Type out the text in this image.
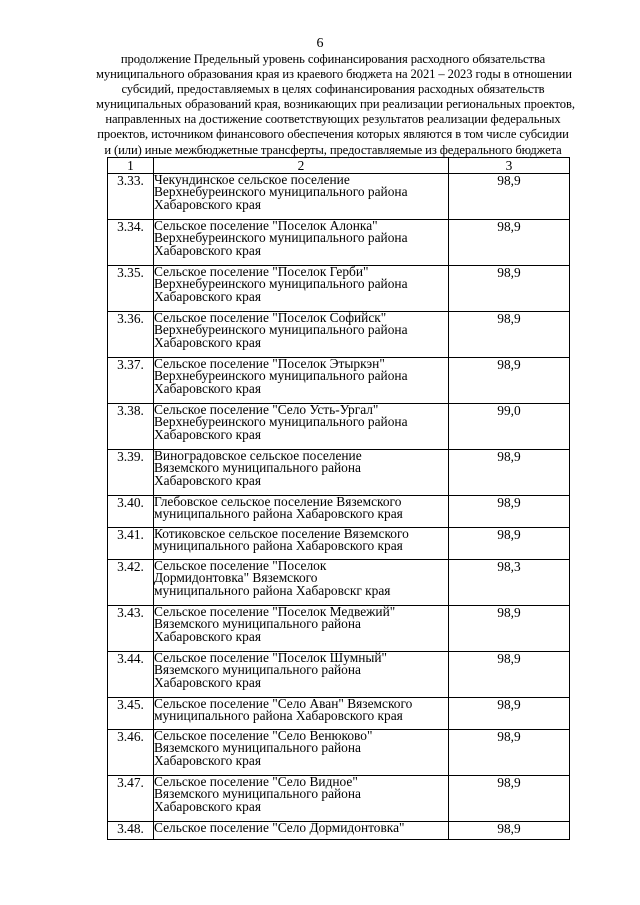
6
продолжение Предельный уровень софинансирования расходного обязательства
муниципального образования края из краевого бюджета на 2021 – 2023 годы в отношении
субсидий, предоставляемых в целях софинансирования расходных обязательств
муниципальных образований края, возникающих при реализации региональных проектов,
направленных на достижение соответствующих результатов реализации федеральных
проектов, источником финансового обеспечения которых являются в том числе субсидии
и (или) иные межбюджетные трансферты, предоставляемые из федерального бюджета
1	2	3
3.33.	Чекундинское сельское поселение
Верхнебуреинского муниципального района
Хабаровского края	98,9
3.34.	Сельское поселение "Поселок Алонка"
Верхнебуреинского муниципального района
Хабаровского края	98,9
3.35.	Сельское поселение "Поселок Герби"
Верхнебуреинского муниципального района
Хабаровского края	98,9
3.36.	Сельское поселение "Поселок Софийск"
Верхнебуреинского муниципального района
Хабаровского края	98,9
3.37.	Сельское поселение "Поселок Этыркэн"
Верхнебуреинского муниципального района
Хабаровского края	98,9
3.38.	Сельское поселение "Село Усть-Ургал"
Верхнебуреинского муниципального района
Хабаровского края	99,0
3.39.	Виноградовское сельское поселение
Вяземского муниципального района
Хабаровского края	98,9
3.40.	Глебовское сельское поселение Вяземского
муниципального района Хабаровского края	98,9
3.41.	Котиковское сельское поселение Вяземского
муниципального района Хабаровского края	98,9
3.42.	Сельское поселение "Поселок
Дормидонтовка" Вяземского
муниципального района Хабаровскг края	98,3
3.43.	Сельское поселение "Поселок Медвежий"
Вяземского муниципального района
Хабаровского края	98,9
3.44.	Сельское поселение "Поселок Шумный"
Вяземского муниципального района
Хабаровского края	98,9
3.45.	Сельское поселение "Село Аван" Вяземского
муниципального района Хабаровского края	98,9
3.46.	Сельское поселение "Село Венюково"
Вяземского муниципального района
Хабаровского края	98,9
3.47.	Сельское поселение "Село Видное"
Вяземского муниципального района
Хабаровского края	98,9
3.48.	Сельское поселение "Село Дормидонтовка"	98,9
